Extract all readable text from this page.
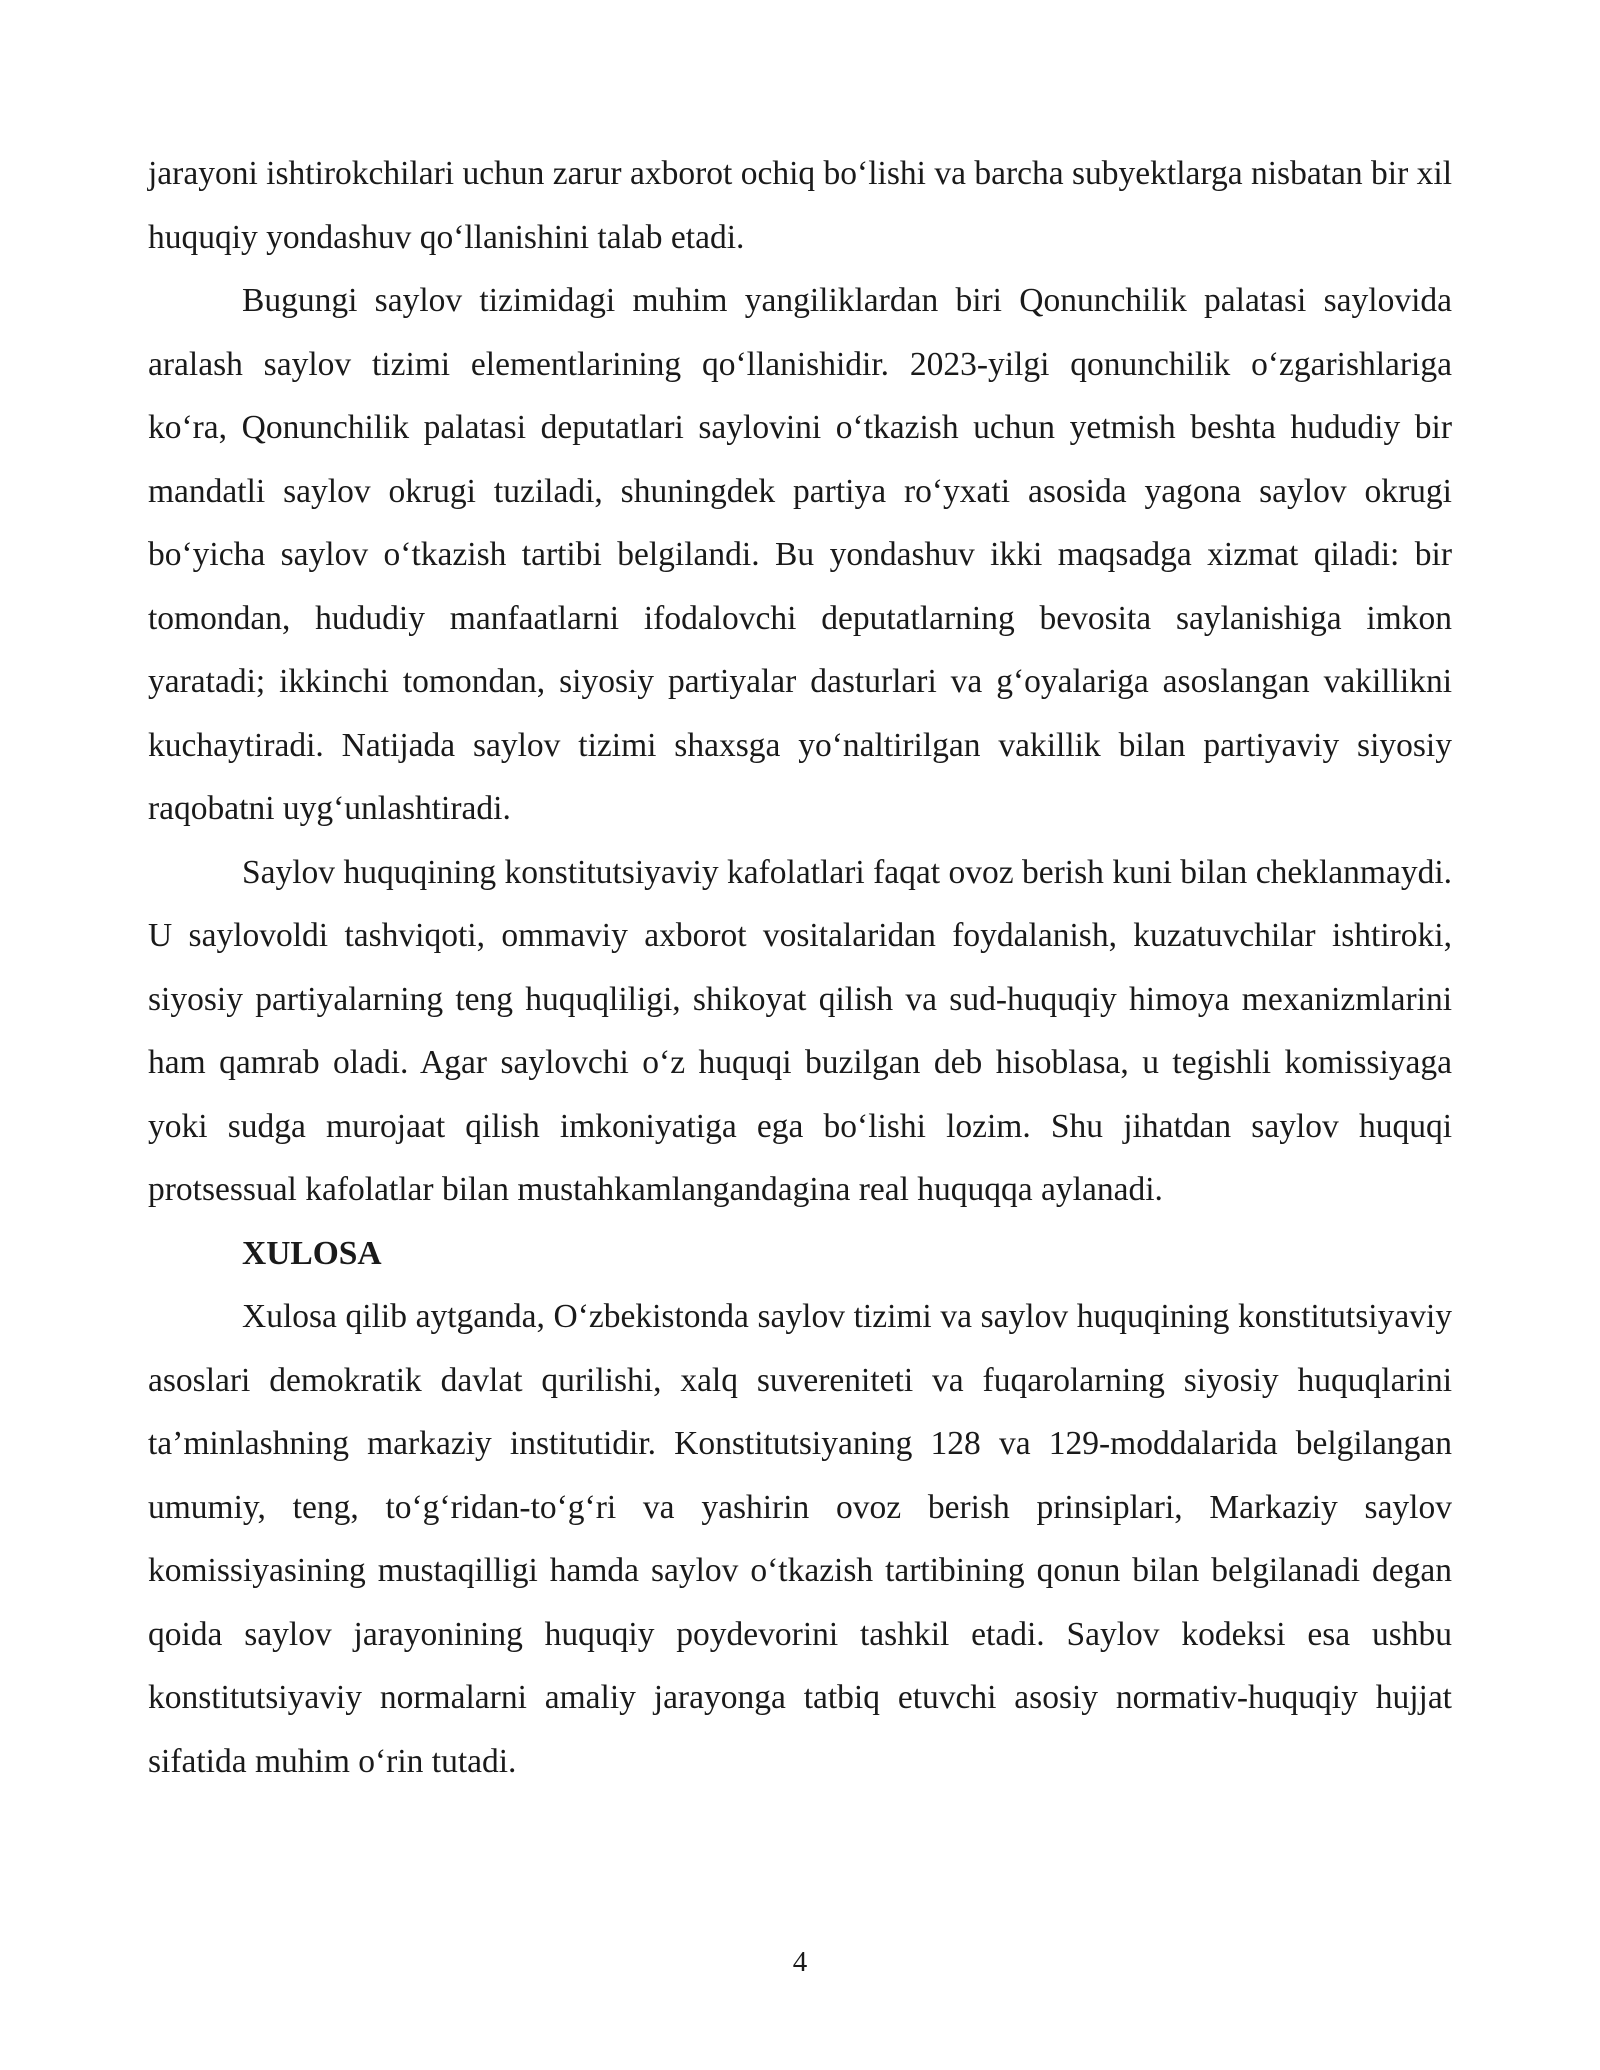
jarayoni ishtirokchilari uchun zarur axborot ochiq boʻlishi va barcha subyektlarga nisbatan bir xil huquqiy yondashuv qoʻllanishini talab etadi.

Bugungi saylov tizimidagi muhim yangiliklardan biri Qonunchilik palatasi saylovida aralash saylov tizimi elementlarining qoʻllanishidir. 2023-yilgi qonunchilik oʻzgarishlariga koʻra, Qonunchilik palatasi deputatlari saylovini oʻtkazish uchun yetmish beshta hududiy bir mandatli saylov okrugi tuziladi, shuningdek partiya roʻyxati asosida yagona saylov okrugi boʻyicha saylov oʻtkazish tartibi belgilandi. Bu yondashuv ikki maqsadga xizmat qiladi: bir tomondan, hududiy manfaatlarni ifodalovchi deputatlarning bevosita saylanishiga imkon yaratadi; ikkinchi tomondan, siyosiy partiyalar dasturlari va gʻoyalariga asoslangan vakillikni kuchaytiradi. Natijada saylov tizimi shaxsga yoʻnaltirilgan vakillik bilan partiyaviy siyosiy raqobatni uygʻunlashtiradi.

Saylov huquqining konstitutsiyaviy kafolatlari faqat ovoz berish kuni bilan cheklanmaydi. U saylovoldi tashviqoti, ommaviy axborot vositalaridan foydalanish, kuzatuvchilar ishtiroki, siyosiy partiyalarning teng huquqliligi, shikoyat qilish va sud-huquqiy himoya mexanizmlarini ham qamrab oladi. Agar saylovchi oʻz huquqi buzilgan deb hisoblasa, u tegishli komissiyaga yoki sudga murojaat qilish imkoniyatiga ega boʻlishi lozim. Shu jihatdan saylov huquqi protsessual kafolatlar bilan mustahkamlangandagina real huquqqa aylanadi.

XULOSA

Xulosa qilib aytganda, Oʻzbekistonda saylov tizimi va saylov huquqining konstitutsiyaviy asoslari demokratik davlat qurilishi, xalq suvereniteti va fuqarolarning siyosiy huquqlarini ta’minlashning markaziy institutidir. Konstitutsiyaning 128 va 129-moddalarida belgilangan umumiy, teng, toʻgʻridan-toʻgʻri va yashirin ovoz berish prinsiplari, Markaziy saylov komissiyasining mustaqilligi hamda saylov oʻtkazish tartibining qonun bilan belgilanadi degan qoida saylov jarayonining huquqiy poydevorini tashkil etadi. Saylov kodeksi esa ushbu konstitutsiyaviy normalarni amaliy jarayonga tatbiq etuvchi asosiy normativ-huquqiy hujjat sifatida muhim oʻrin tutadi.

4
